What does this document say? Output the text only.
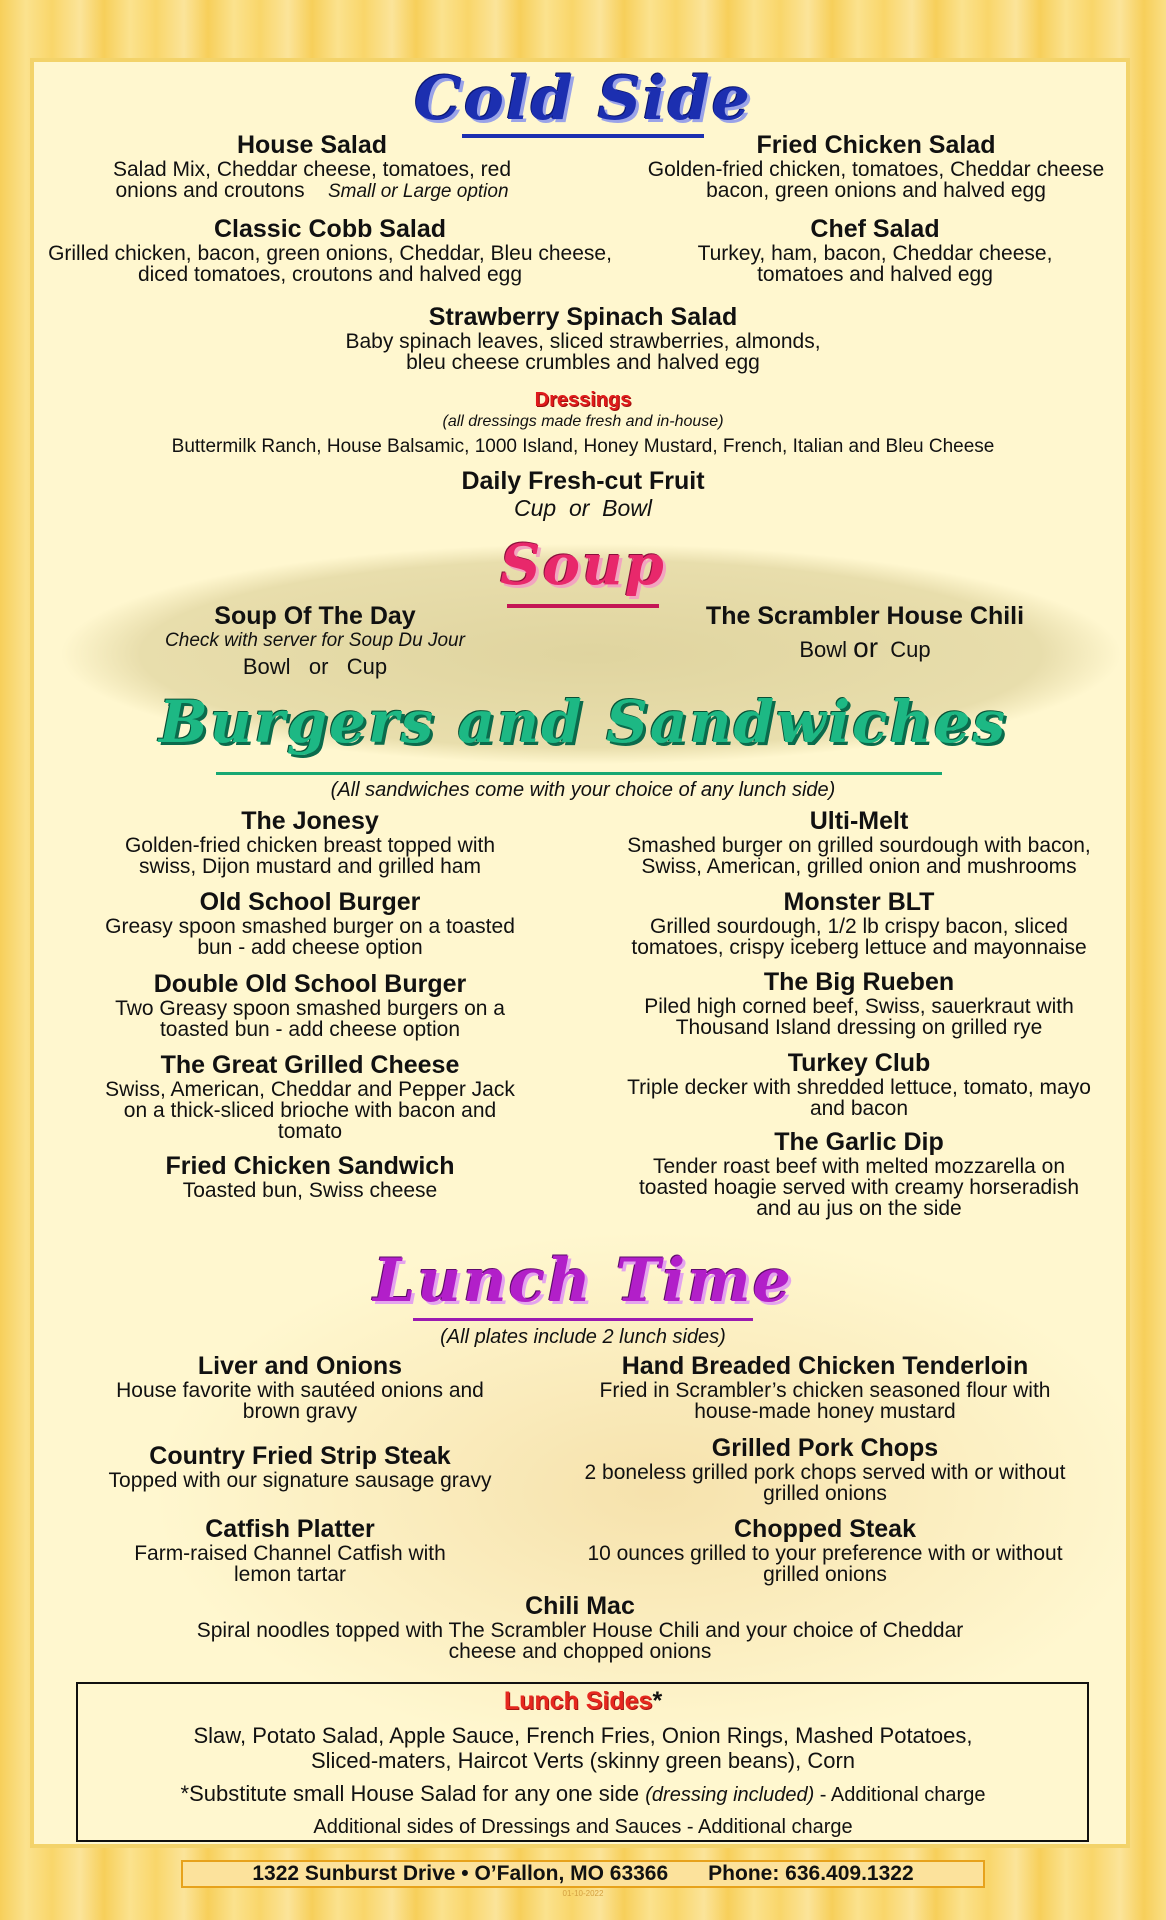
Cold Side
House Salad
Salad Mix, Cheddar cheese, tomatoes, red
onions and croutons Small or Large option
Fried Chicken Salad
Golden-fried chicken, tomatoes, Cheddar cheese
bacon, green onions and halved egg
Classic Cobb Salad
Grilled chicken, bacon, green onions, Cheddar, Bleu cheese,
diced tomatoes, croutons and halved egg
Chef Salad
Turkey, ham, bacon, Cheddar cheese,
tomatoes and halved egg
Strawberry Spinach Salad
Baby spinach leaves, sliced strawberries, almonds,
bleu cheese crumbles and halved egg
Dressings
(all dressings made fresh and in-house)
Buttermilk Ranch, House Balsamic, 1000 Island, Honey Mustard, French, Italian and Bleu Cheese
Daily Fresh-cut Fruit
Cup  or  Bowl
Soup
Soup Of The Day
Check with server for Soup Du Jour
Bowl   or   Cup
The Scrambler House Chili
Bowl or Cup
Burgers and Sandwiches
(All sandwiches come with your choice of any lunch side)
The Jonesy
Golden-fried chicken breast topped with
swiss, Dijon mustard and grilled ham
Old School Burger
Greasy spoon smashed burger on a toasted
bun - add cheese option
Double Old School Burger
Two Greasy spoon smashed burgers on a
toasted bun - add cheese option
The Great Grilled Cheese
Swiss, American, Cheddar and Pepper Jack
on a thick-sliced brioche with bacon and
tomato
Fried Chicken Sandwich
Toasted bun, Swiss cheese
Ulti-Melt
Smashed burger on grilled sourdough with bacon,
Swiss, American, grilled onion and mushrooms
Monster BLT
Grilled sourdough, 1/2 lb crispy bacon, sliced
tomatoes, crispy iceberg lettuce and mayonnaise
The Big Rueben
Piled high corned beef, Swiss, sauerkraut with
Thousand Island dressing on grilled rye
Turkey Club
Triple decker with shredded lettuce, tomato, mayo
and bacon
The Garlic Dip
Tender roast beef with melted mozzarella on
toasted hoagie served with creamy horseradish
and au jus on the side
Lunch Time
(All plates include 2 lunch sides)
Liver and Onions
House favorite with sautéed onions and
brown gravy
Hand Breaded Chicken Tenderloin
Fried in Scrambler’s chicken seasoned flour with
house-made honey mustard
Country Fried Strip Steak
Topped with our signature sausage gravy
Grilled Pork Chops
2 boneless grilled pork chops served with or without
grilled onions
Catfish Platter
Farm-raised Channel Catfish with
lemon tartar
Chopped Steak
10 ounces grilled to your preference with or without
grilled onions
Chili Mac
Spiral noodles topped with The Scrambler House Chili and your choice of Cheddar
cheese and chopped onions
Lunch Sides*
Slaw, Potato Salad, Apple Sauce, French Fries, Onion Rings, Mashed Potatoes,
Sliced-maters, Haircot Verts (skinny green beans), Corn
*Substitute small House Salad for any one side (dressing included) - Additional charge
Additional sides of Dressings and Sauces - Additional charge
1322 Sunburst Drive • O’Fallon, MO 63366 Phone: 636.409.1322
01-10-2022
